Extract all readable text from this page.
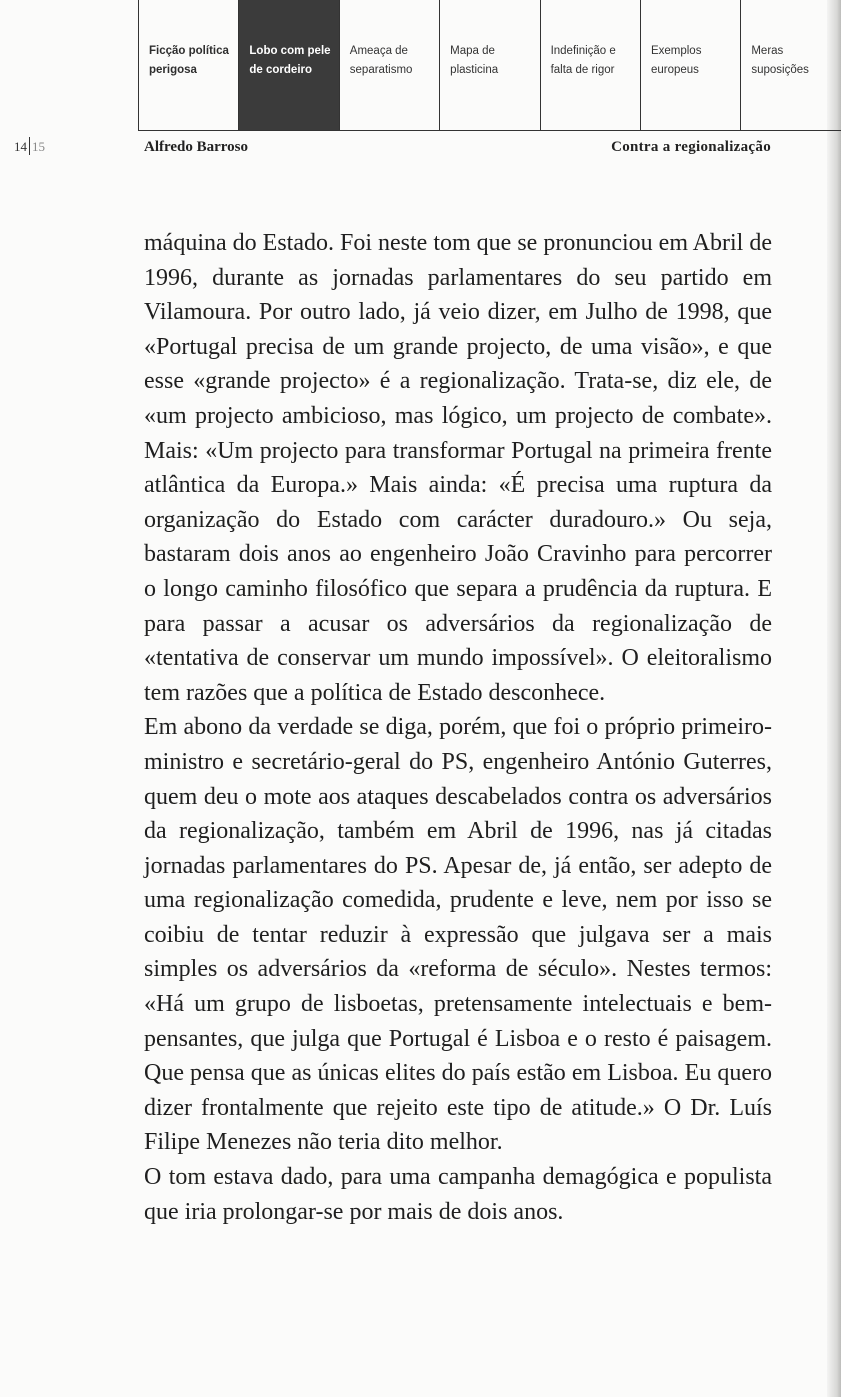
Ficção política
perigosa
Lobo com pele
de cordeiro
Ameaça de
separatismo
Mapa de
plasticina
Indefinição e
falta de rigor
Exemplos
europeus
Meras
suposições
14 15	Alfredo Barroso	Contra a regionalização

máquina do Estado. Foi neste tom que se pronunciou em Abril de 1996, durante as jornadas parlamentares do seu partido em Vilamoura. Por outro lado, já veio dizer, em Julho de 1998, que «Portugal precisa de um grande projecto, de uma visão», e que esse «grande projecto» é a regionalização. Trata-se, diz ele, de «um projecto ambicioso, mas lógico, um projecto de combate». Mais: «Um projecto para transformar Portugal na primeira frente atlântica da Europa.» Mais ainda: «É precisa uma ruptura da organização do Estado com carácter duradouro.» Ou seja, bastaram dois anos ao engenheiro João Cravinho para percorrer o longo caminho filosófico que separa a prudência da ruptura. E para passar a acusar os adversários da regionalização de «tentativa de conservar um mundo impossível». O eleitoralismo tem razões que a política de Estado desconhece.

Em abono da verdade se diga, porém, que foi o próprio primeiro-ministro e secretário-geral do PS, engenheiro António Guterres, quem deu o mote aos ataques descabelados contra os adversários da regionalização, também em Abril de 1996, nas já citadas jornadas parlamentares do PS. Apesar de, já então, ser adepto de uma regionalização comedida, prudente e leve, nem por isso se coibiu de tentar reduzir à expressão que julgava ser a mais simples os adversários da «reforma de século». Nestes termos: «Há um grupo de lisboetas, pretensamente intelectuais e bem-pensantes, que julga que Portugal é Lisboa e o resto é paisagem. Que pensa que as únicas elites do país estão em Lisboa. Eu quero dizer frontalmente que rejeito este tipo de atitude.» O Dr. Luís Filipe Menezes não teria dito melhor.

O tom estava dado, para uma campanha demagógica e populista que iria prolongar-se por mais de dois anos.
